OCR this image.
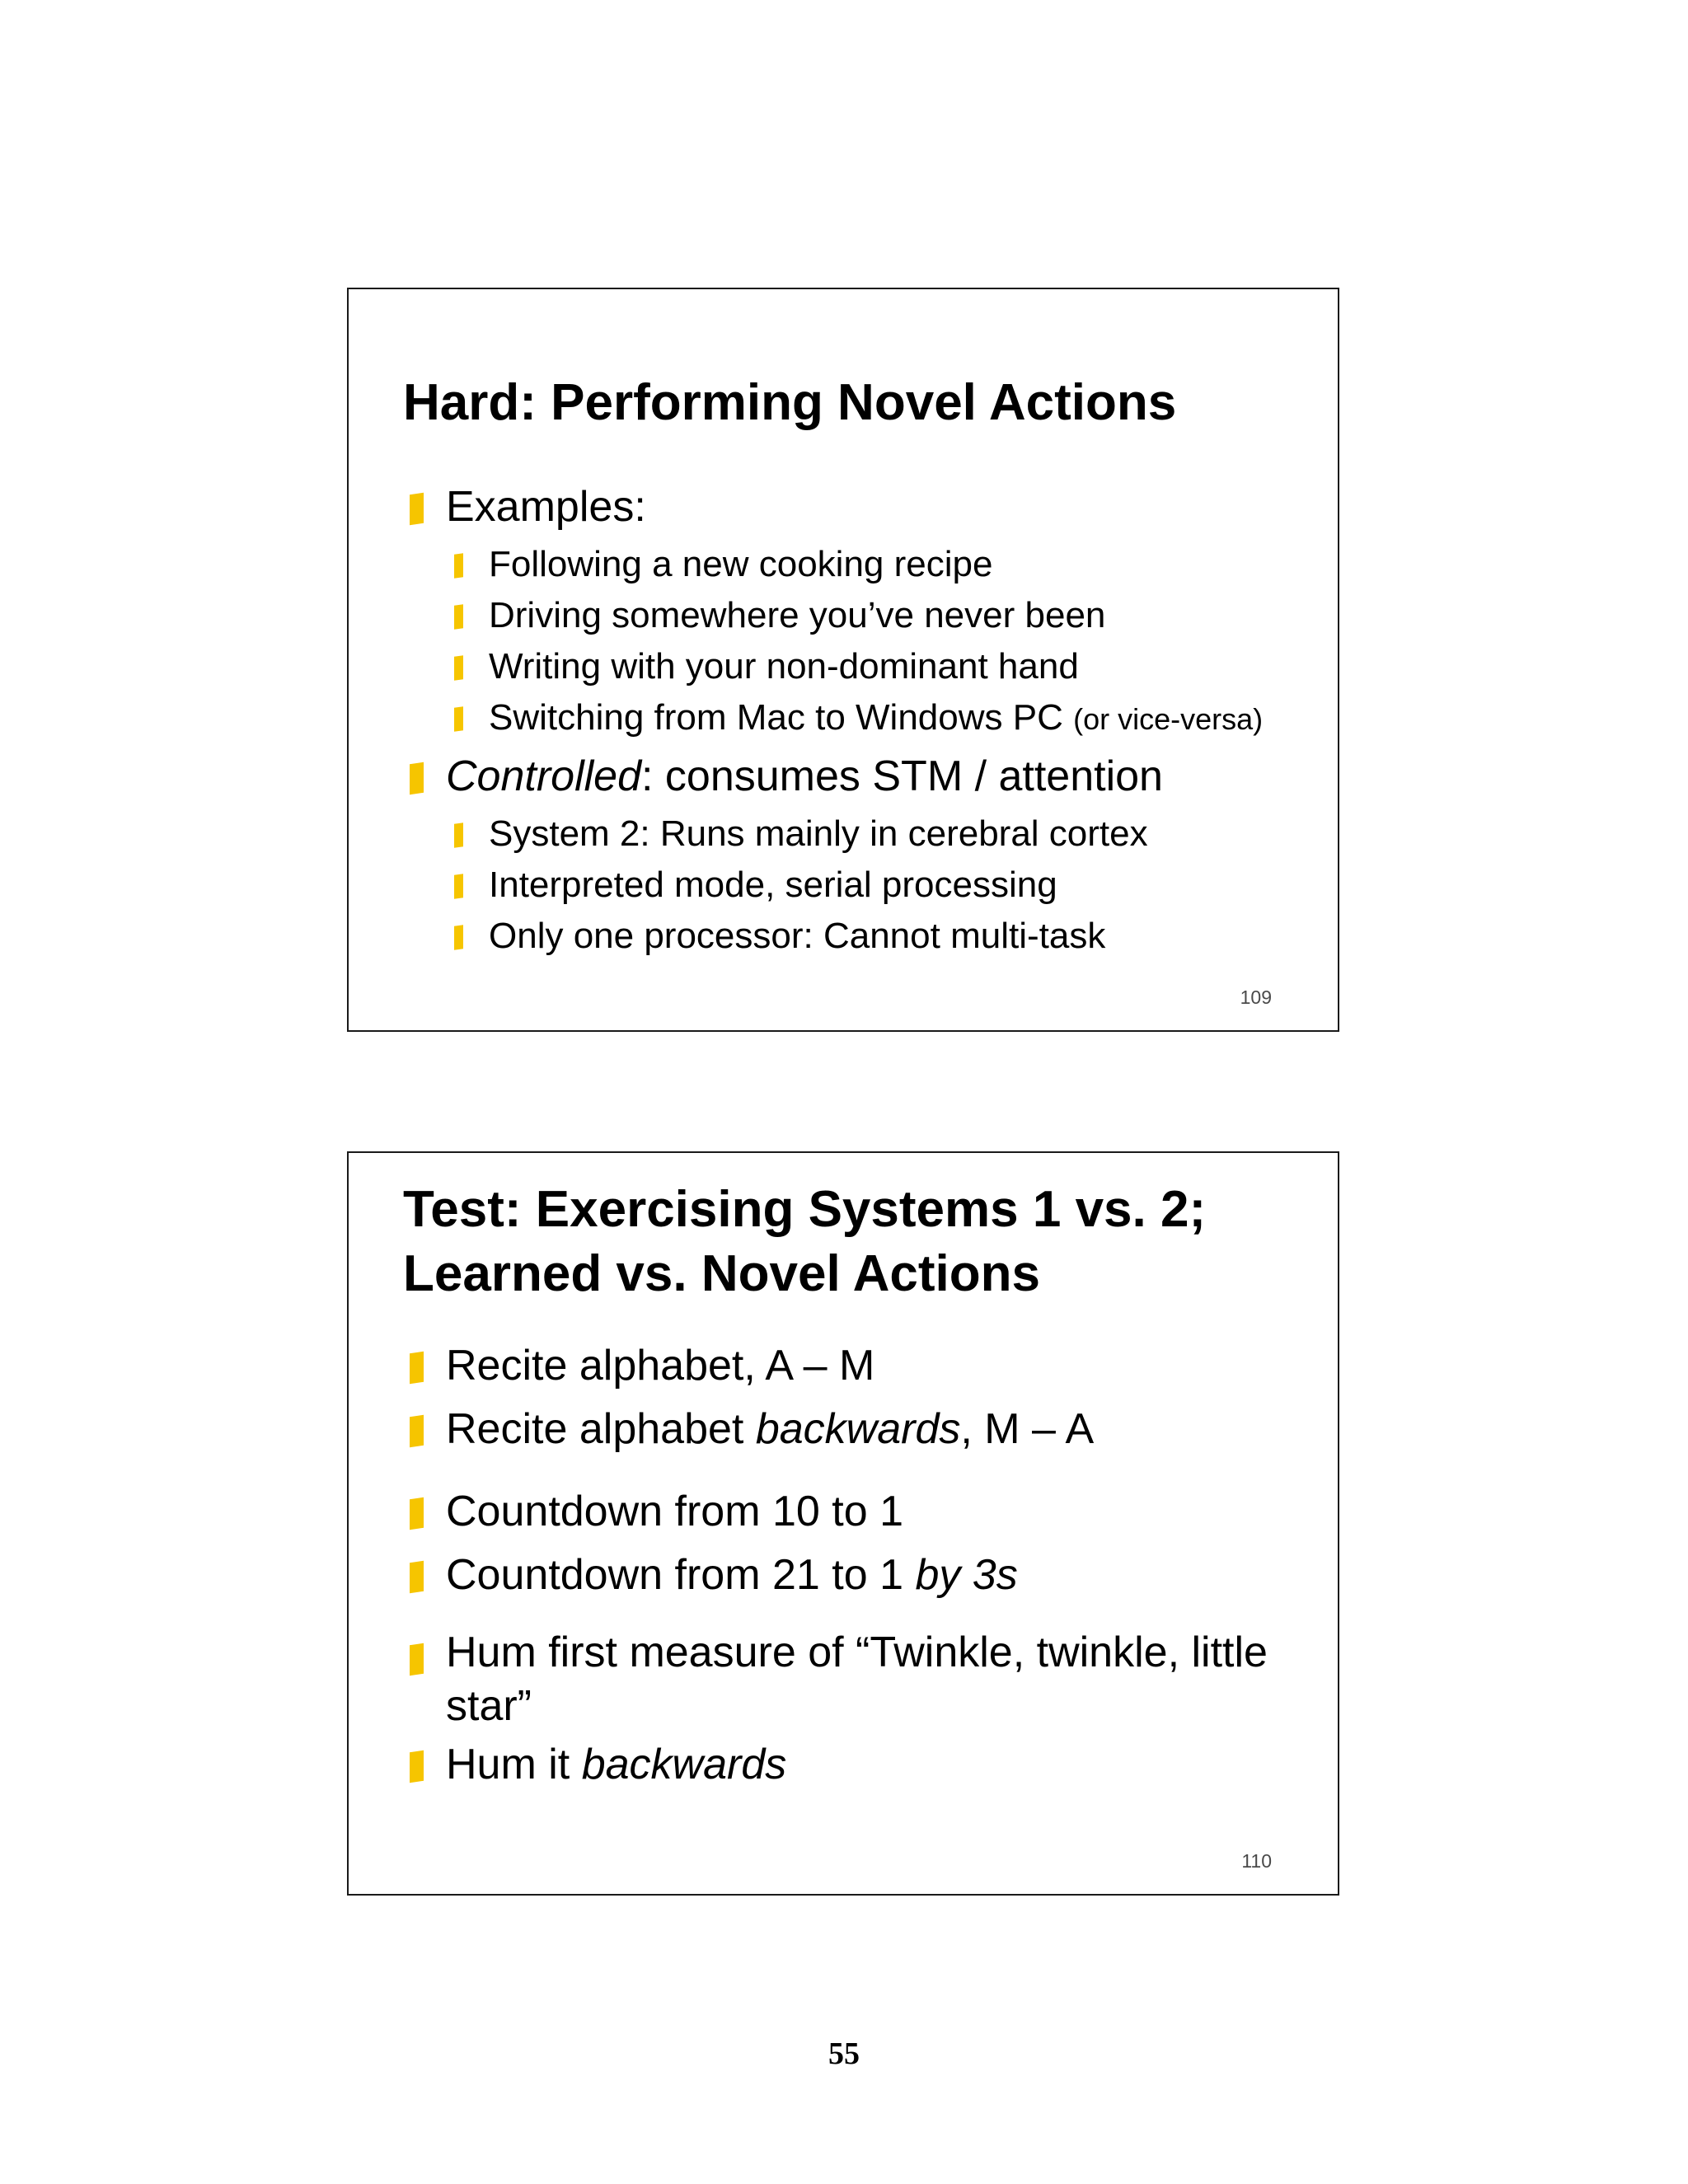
Hard: Performing Novel Actions
Examples:
Following a new cooking recipe
Driving somewhere you’ve never been
Writing with your non-dominant hand
Switching from Mac to Windows PC (or vice-versa)
Controlled: consumes STM / attention
System 2: Runs mainly in cerebral cortex
Interpreted mode, serial processing
Only one processor: Cannot multi-task
109
Test: Exercising Systems 1 vs. 2;
Learned vs. Novel Actions
Recite alphabet, A – M
Recite alphabet backwards, M – A
Countdown from 10 to 1
Countdown from 21 to 1 by 3s
Hum first measure of “Twinkle, twinkle, little star”
Hum it backwards
110
55
